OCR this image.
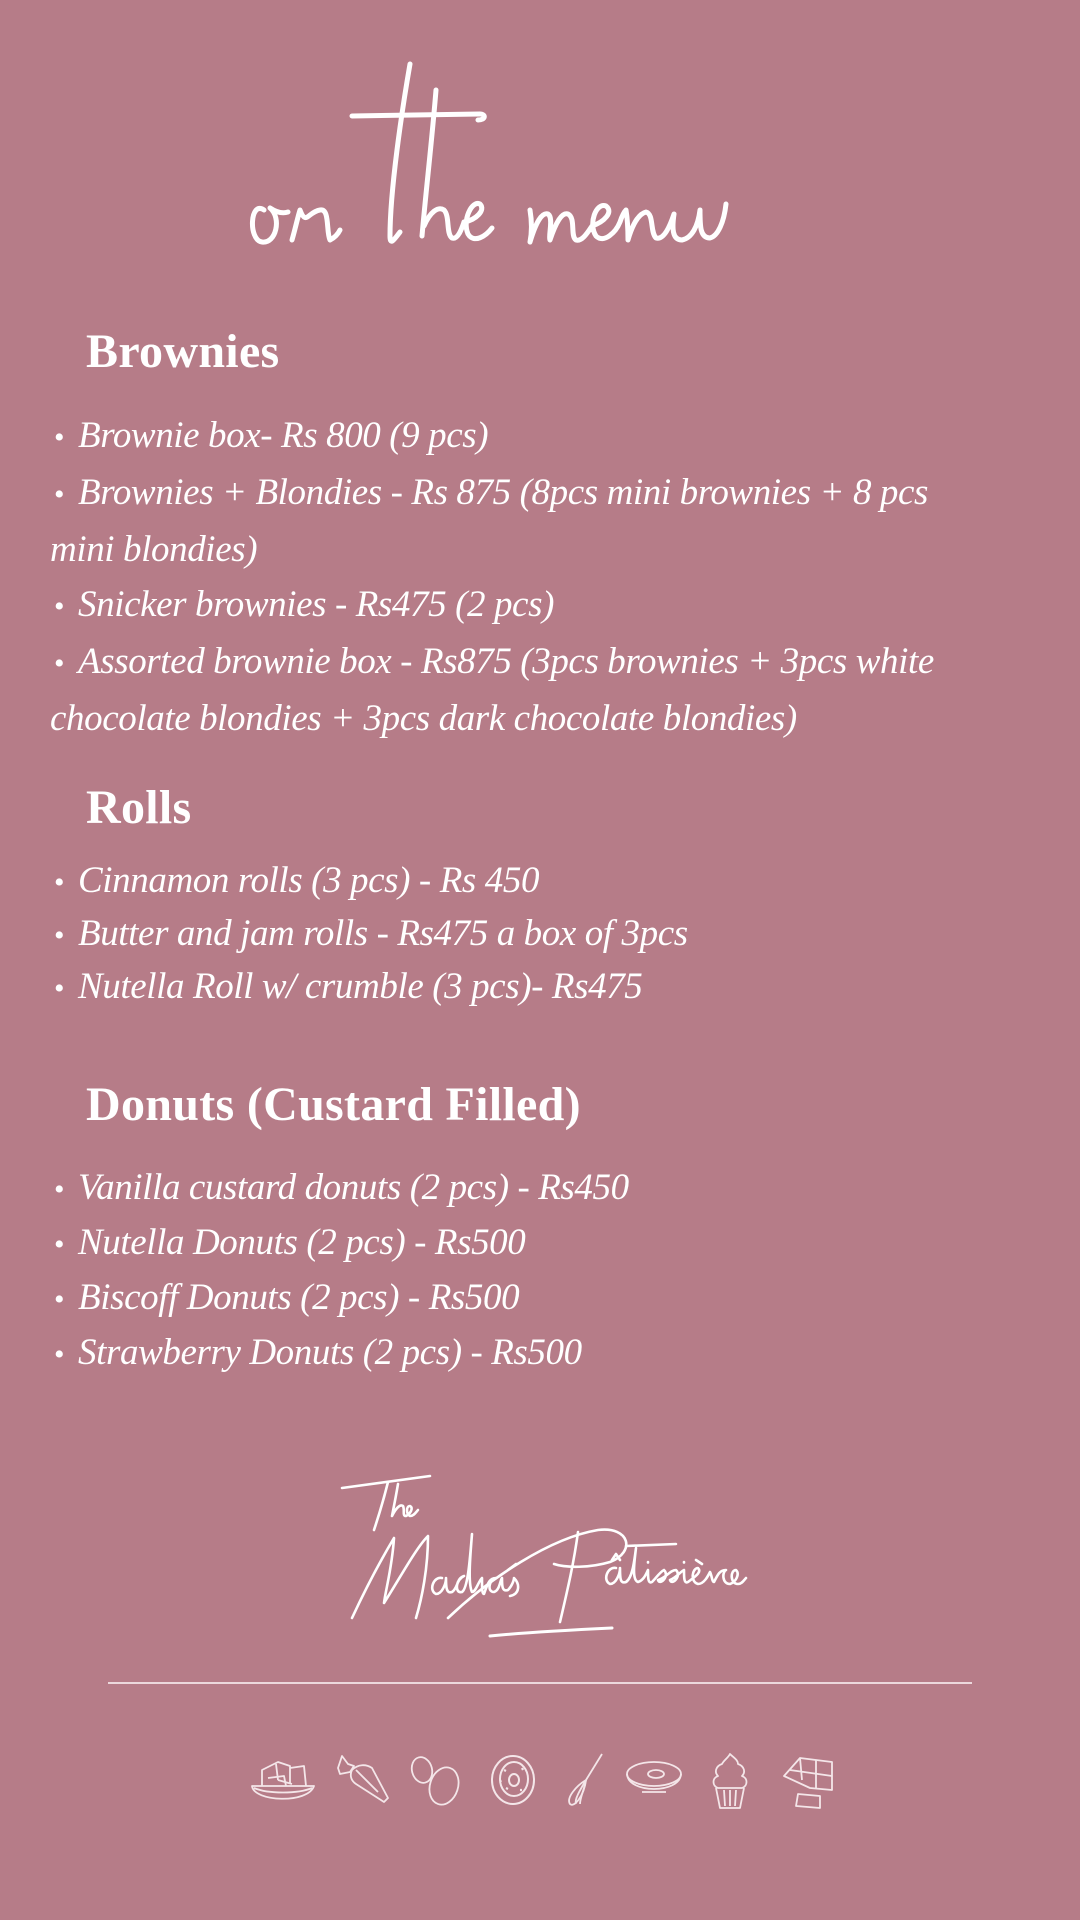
Brownies
• Brownie box- Rs 800 (9 pcs)
• Brownies + Blondies - Rs 875 (8pcs mini brownies + 8 pcs
mini blondies)
• Snicker brownies - Rs475 (2 pcs)
• Assorted brownie box - Rs875 (3pcs brownies + 3pcs white
chocolate blondies + 3pcs dark chocolate blondies)
Rolls
• Cinnamon rolls (3 pcs) - Rs 450
• Butter and jam rolls - Rs475 a box of 3pcs
• Nutella Roll w/ crumble (3 pcs)- Rs475
Donuts (Custard Filled)
• Vanilla custard donuts (2 pcs) - Rs450
• Nutella Donuts (2 pcs) - Rs500
• Biscoff Donuts (2 pcs) - Rs500
• Strawberry Donuts (2 pcs) - Rs500
